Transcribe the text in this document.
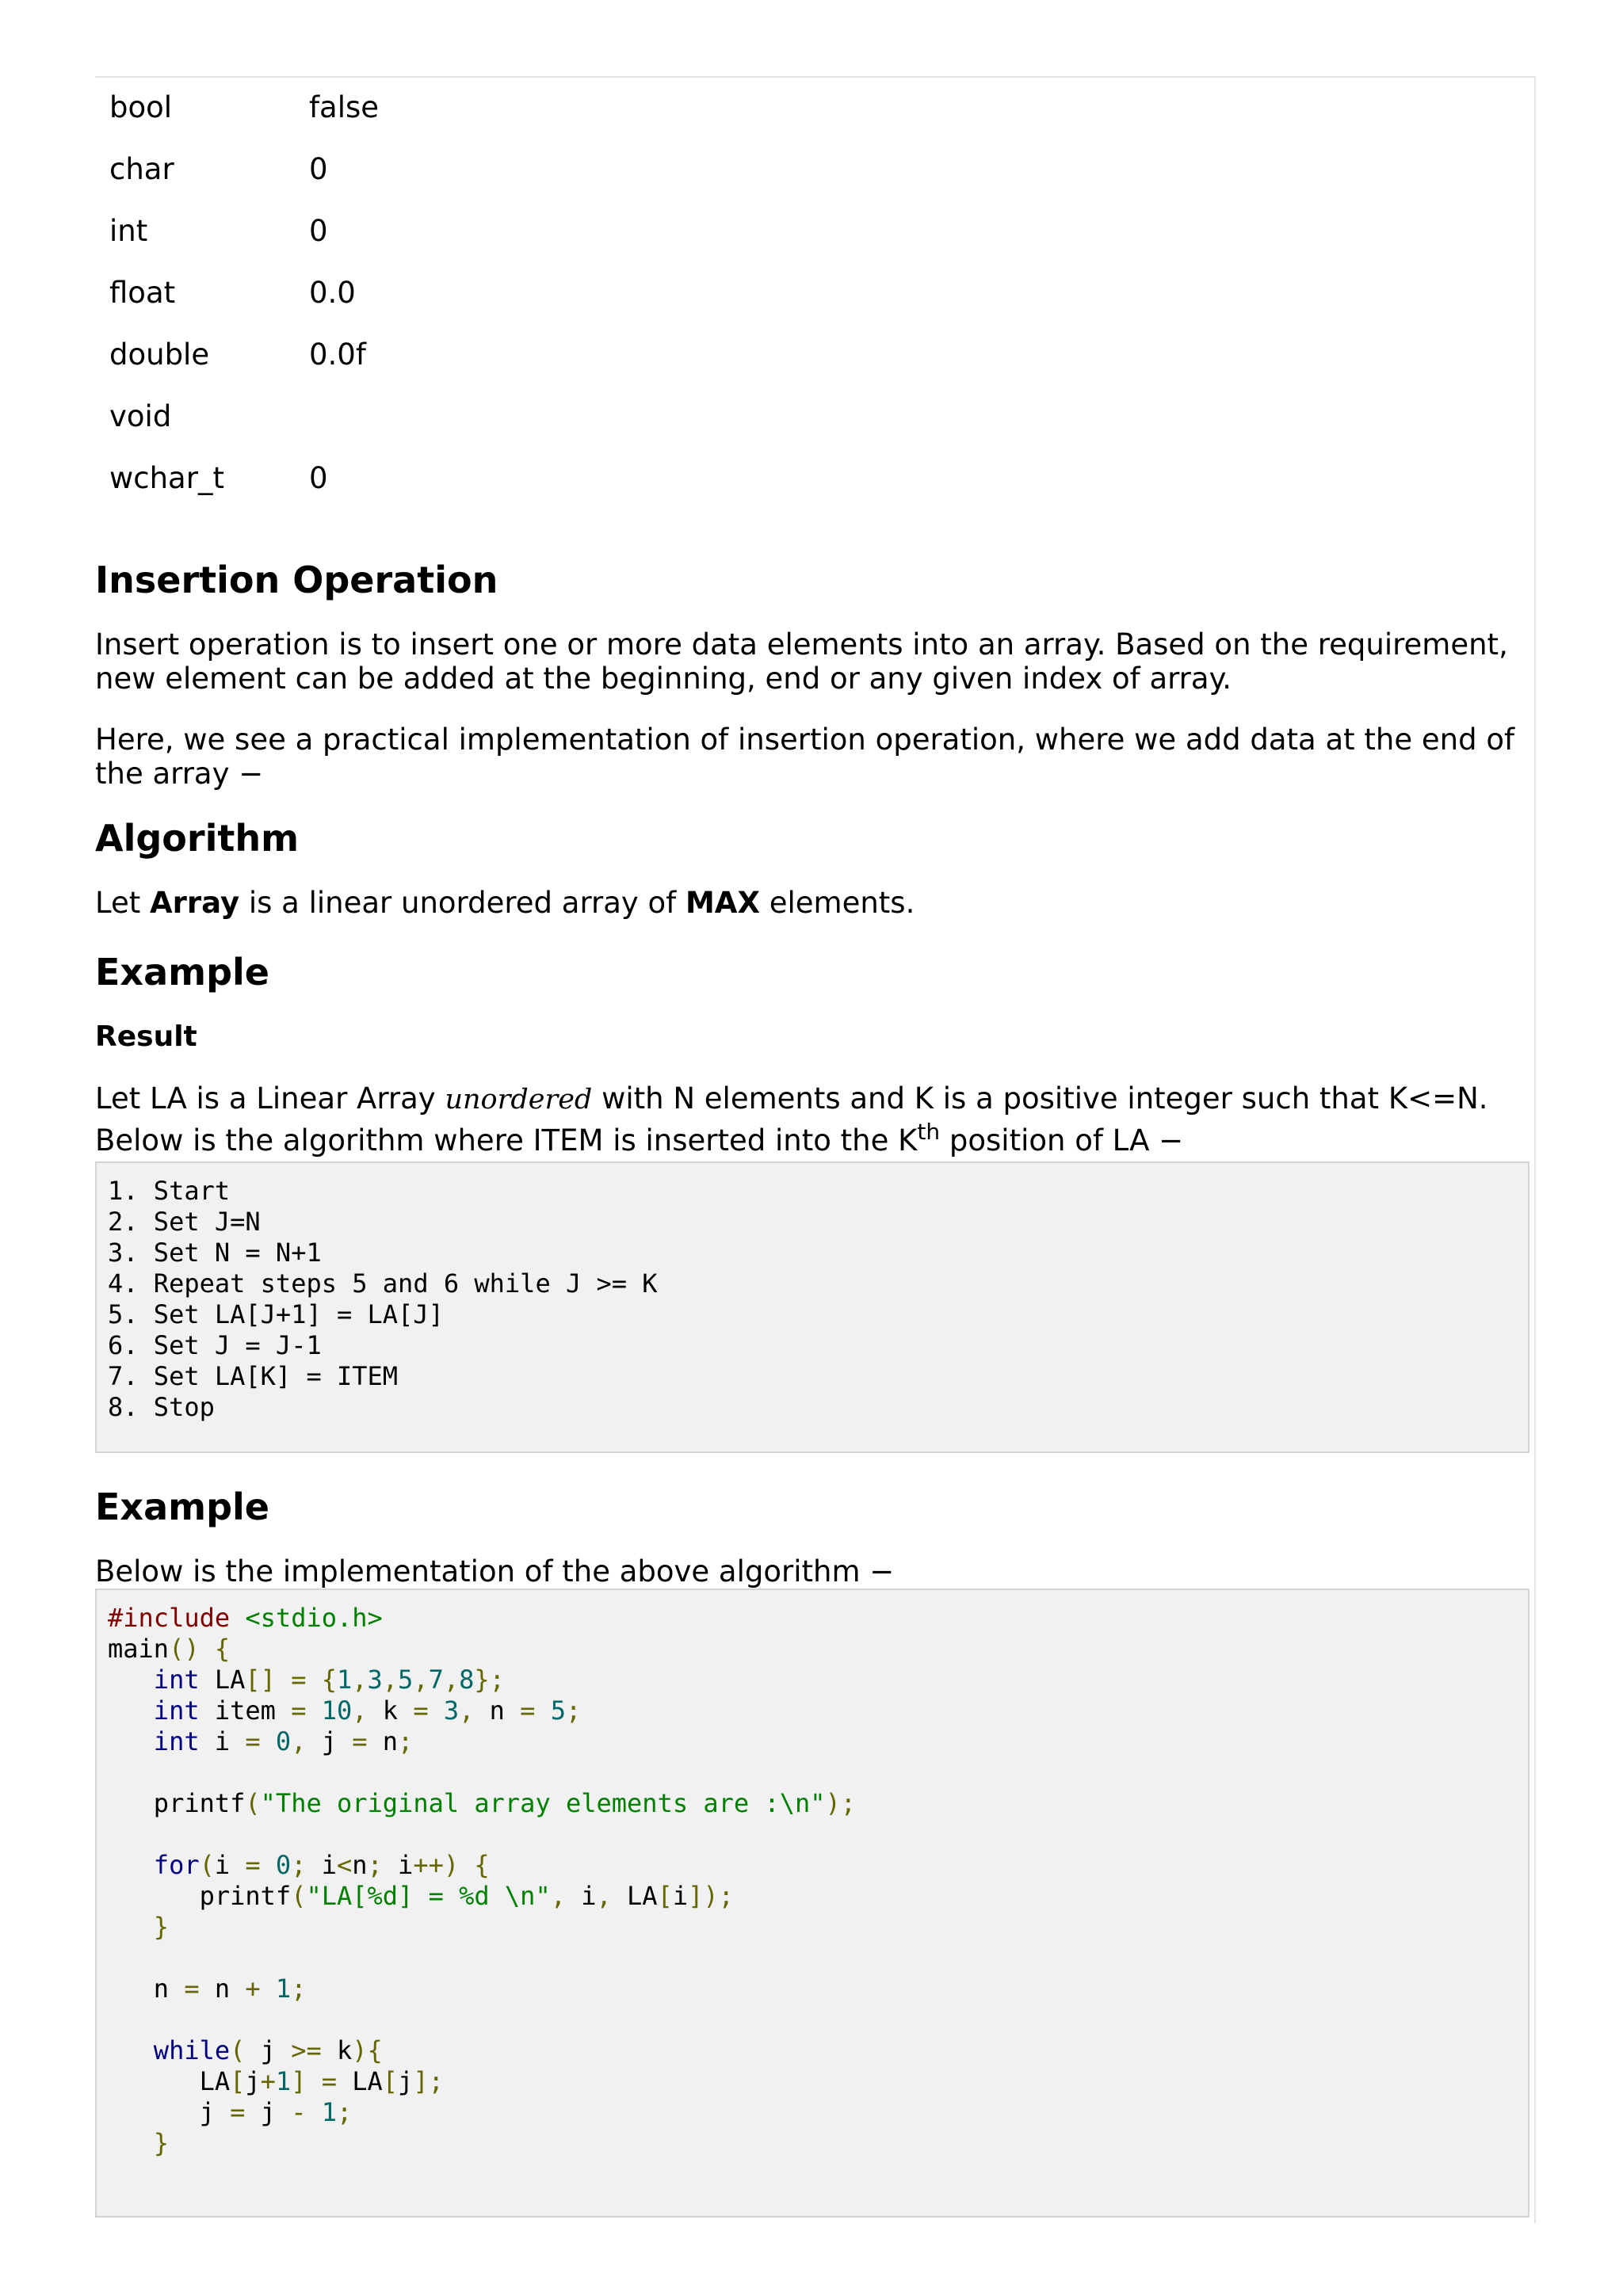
bool	false
char	0
int	0
float	0.0
double	0.0f
void	
wchar_t	0
Insertion Operation

Insert operation is to insert one or more data elements into an array. Based on the requirement, new element can be added at the beginning, end or any given index of array.

Here, we see a practical implementation of insertion operation, where we add data at the end of the array −

Algorithm

Let Array is a linear unordered array of MAX elements.

Example
Result

Let LA is a Linear Array unordered with N elements and K is a positive integer such that K<=N. Below is the algorithm where ITEM is inserted into the $K^{th}$ position of LA −

1. Start
2. Set J=N
3. Set N = N+1
4. Repeat steps 5 and 6 while J >= K
5. Set LA[J+1] = LA[J]
6. Set J = J-1
7. Set LA[K] = ITEM
8. Stop
Example

Below is the implementation of the above algorithm −

#include <stdio.h>
main() {
int LA[] = {1,3,5,7,8};
int item = 10, k = 3, n = 5;
int i = 0, j = n;
printf("The original array elements are :\n");
for(i = 0; i<n; i++) {
printf("LA[%d] = %d \n", i, LA[i]);
}
n = n + 1;
while( j >= k){
LA[j+1] = LA[j];
j = j - 1;
}
